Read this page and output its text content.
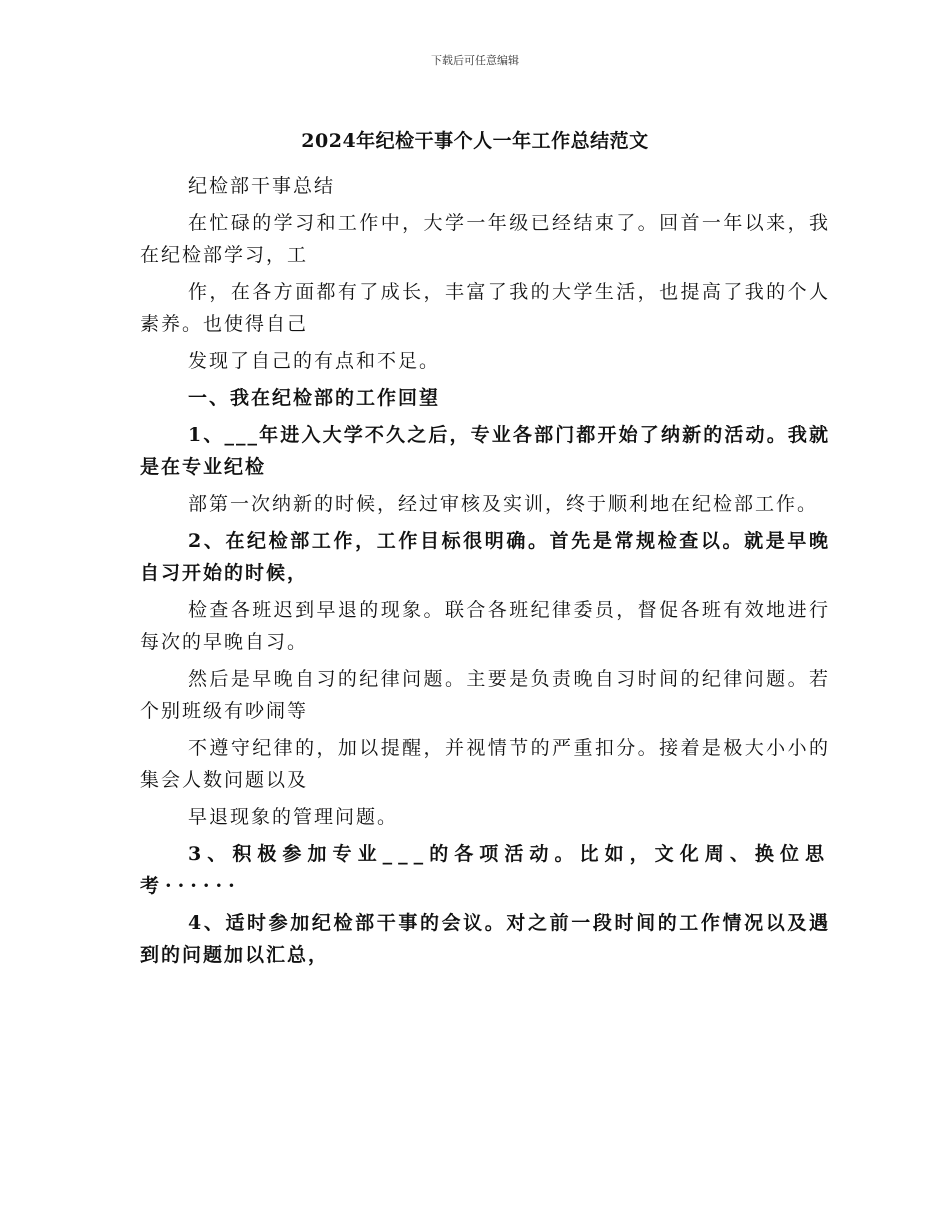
下载后可任意编辑
2024年纪检干事个人一年工作总结范文

纪检部干事总结

在忙碌的学习和工作中，大学一年级已经结束了。回首一年以来，我在纪检部学习，工

作，在各方面都有了成长，丰富了我的大学生活，也提高了我的个人素养。也使得自己

发现了自己的有点和不足。

一、我在纪检部的工作回望

1、___年进入大学不久之后，专业各部门都开始了纳新的活动。我就是在专业纪检

部第一次纳新的时候，经过审核及实训，终于顺利地在纪检部工作。

2、在纪检部工作，工作目标很明确。首先是常规检查以。就是早晚自习开始的时候，

检查各班迟到早退的现象。联合各班纪律委员，督促各班有效地进行每次的早晚自习。

然后是早晚自习的纪律问题。主要是负责晚自习时间的纪律问题。若个别班级有吵闹等

不遵守纪律的，加以提醒，并视情节的严重扣分。接着是极大小小的集会人数问题以及

早退现象的管理问题。

3、积极参加专业___的各项活动。比如，文化周、换位思考······

4、适时参加纪检部干事的会议。对之前一段时间的工作情况以及遇到的问题加以汇总，
